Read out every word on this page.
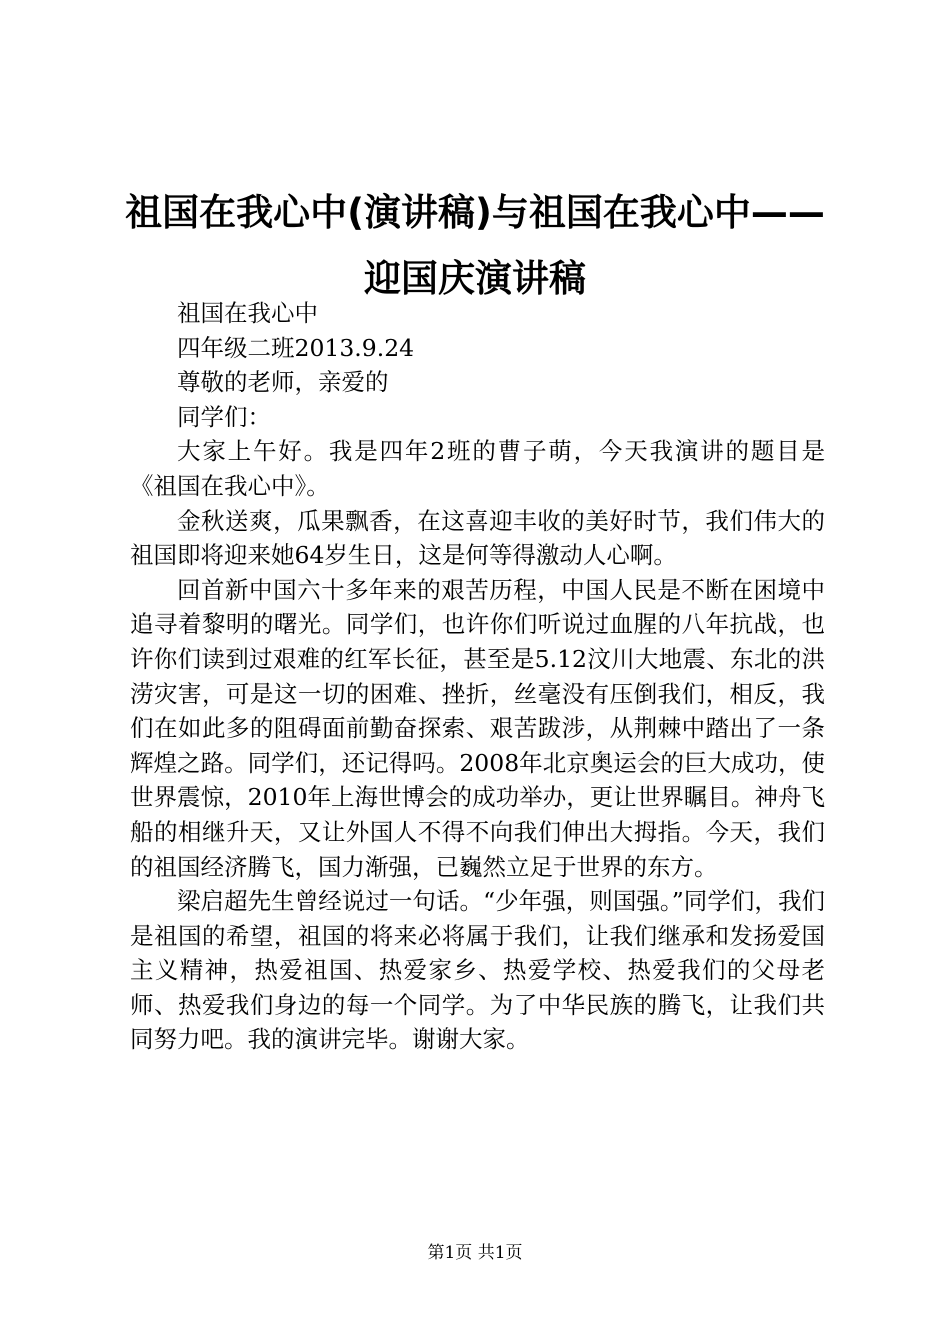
祖国在我心中(演讲稿)与祖国在我心中——迎国庆演讲稿

祖国在我心中

四年级二班2013.9.24

尊敬的老师，亲爱的

同学们：

大家上午好。我是四年2班的曹子萌，今天我演讲的题目是《祖国在我心中》。

金秋送爽，瓜果飘香，在这喜迎丰收的美好时节，我们伟大的祖国即将迎来她64岁生日，这是何等得激动人心啊。

回首新中国六十多年来的艰苦历程，中国人民是不断在困境中追寻着黎明的曙光。同学们，也许你们听说过血腥的八年抗战，也许你们读到过艰难的红军长征，甚至是5.12汶川大地震、东北的洪涝灾害，可是这一切的困难、挫折，丝毫没有压倒我们，相反，我们在如此多的阻碍面前勤奋探索、艰苦跋涉，从荆棘中踏出了一条辉煌之路。同学们，还记得吗。2008年北京奥运会的巨大成功，使世界震惊，2010年上海世博会的成功举办，更让世界瞩目。神舟飞船的相继升天，又让外国人不得不向我们伸出大拇指。今天，我们的祖国经济腾飞，国力渐强，已巍然立足于世界的东方。

梁启超先生曾经说过一句话。“少年强，则国强。”同学们，我们是祖国的希望，祖国的将来必将属于我们，让我们继承和发扬爱国主义精神，热爱祖国、热爱家乡、热爱学校、热爱我们的父母老师、热爱我们身边的每一个同学。为了中华民族的腾飞，让我们共同努力吧。我的演讲完毕。谢谢大家。

第1页 共1页
